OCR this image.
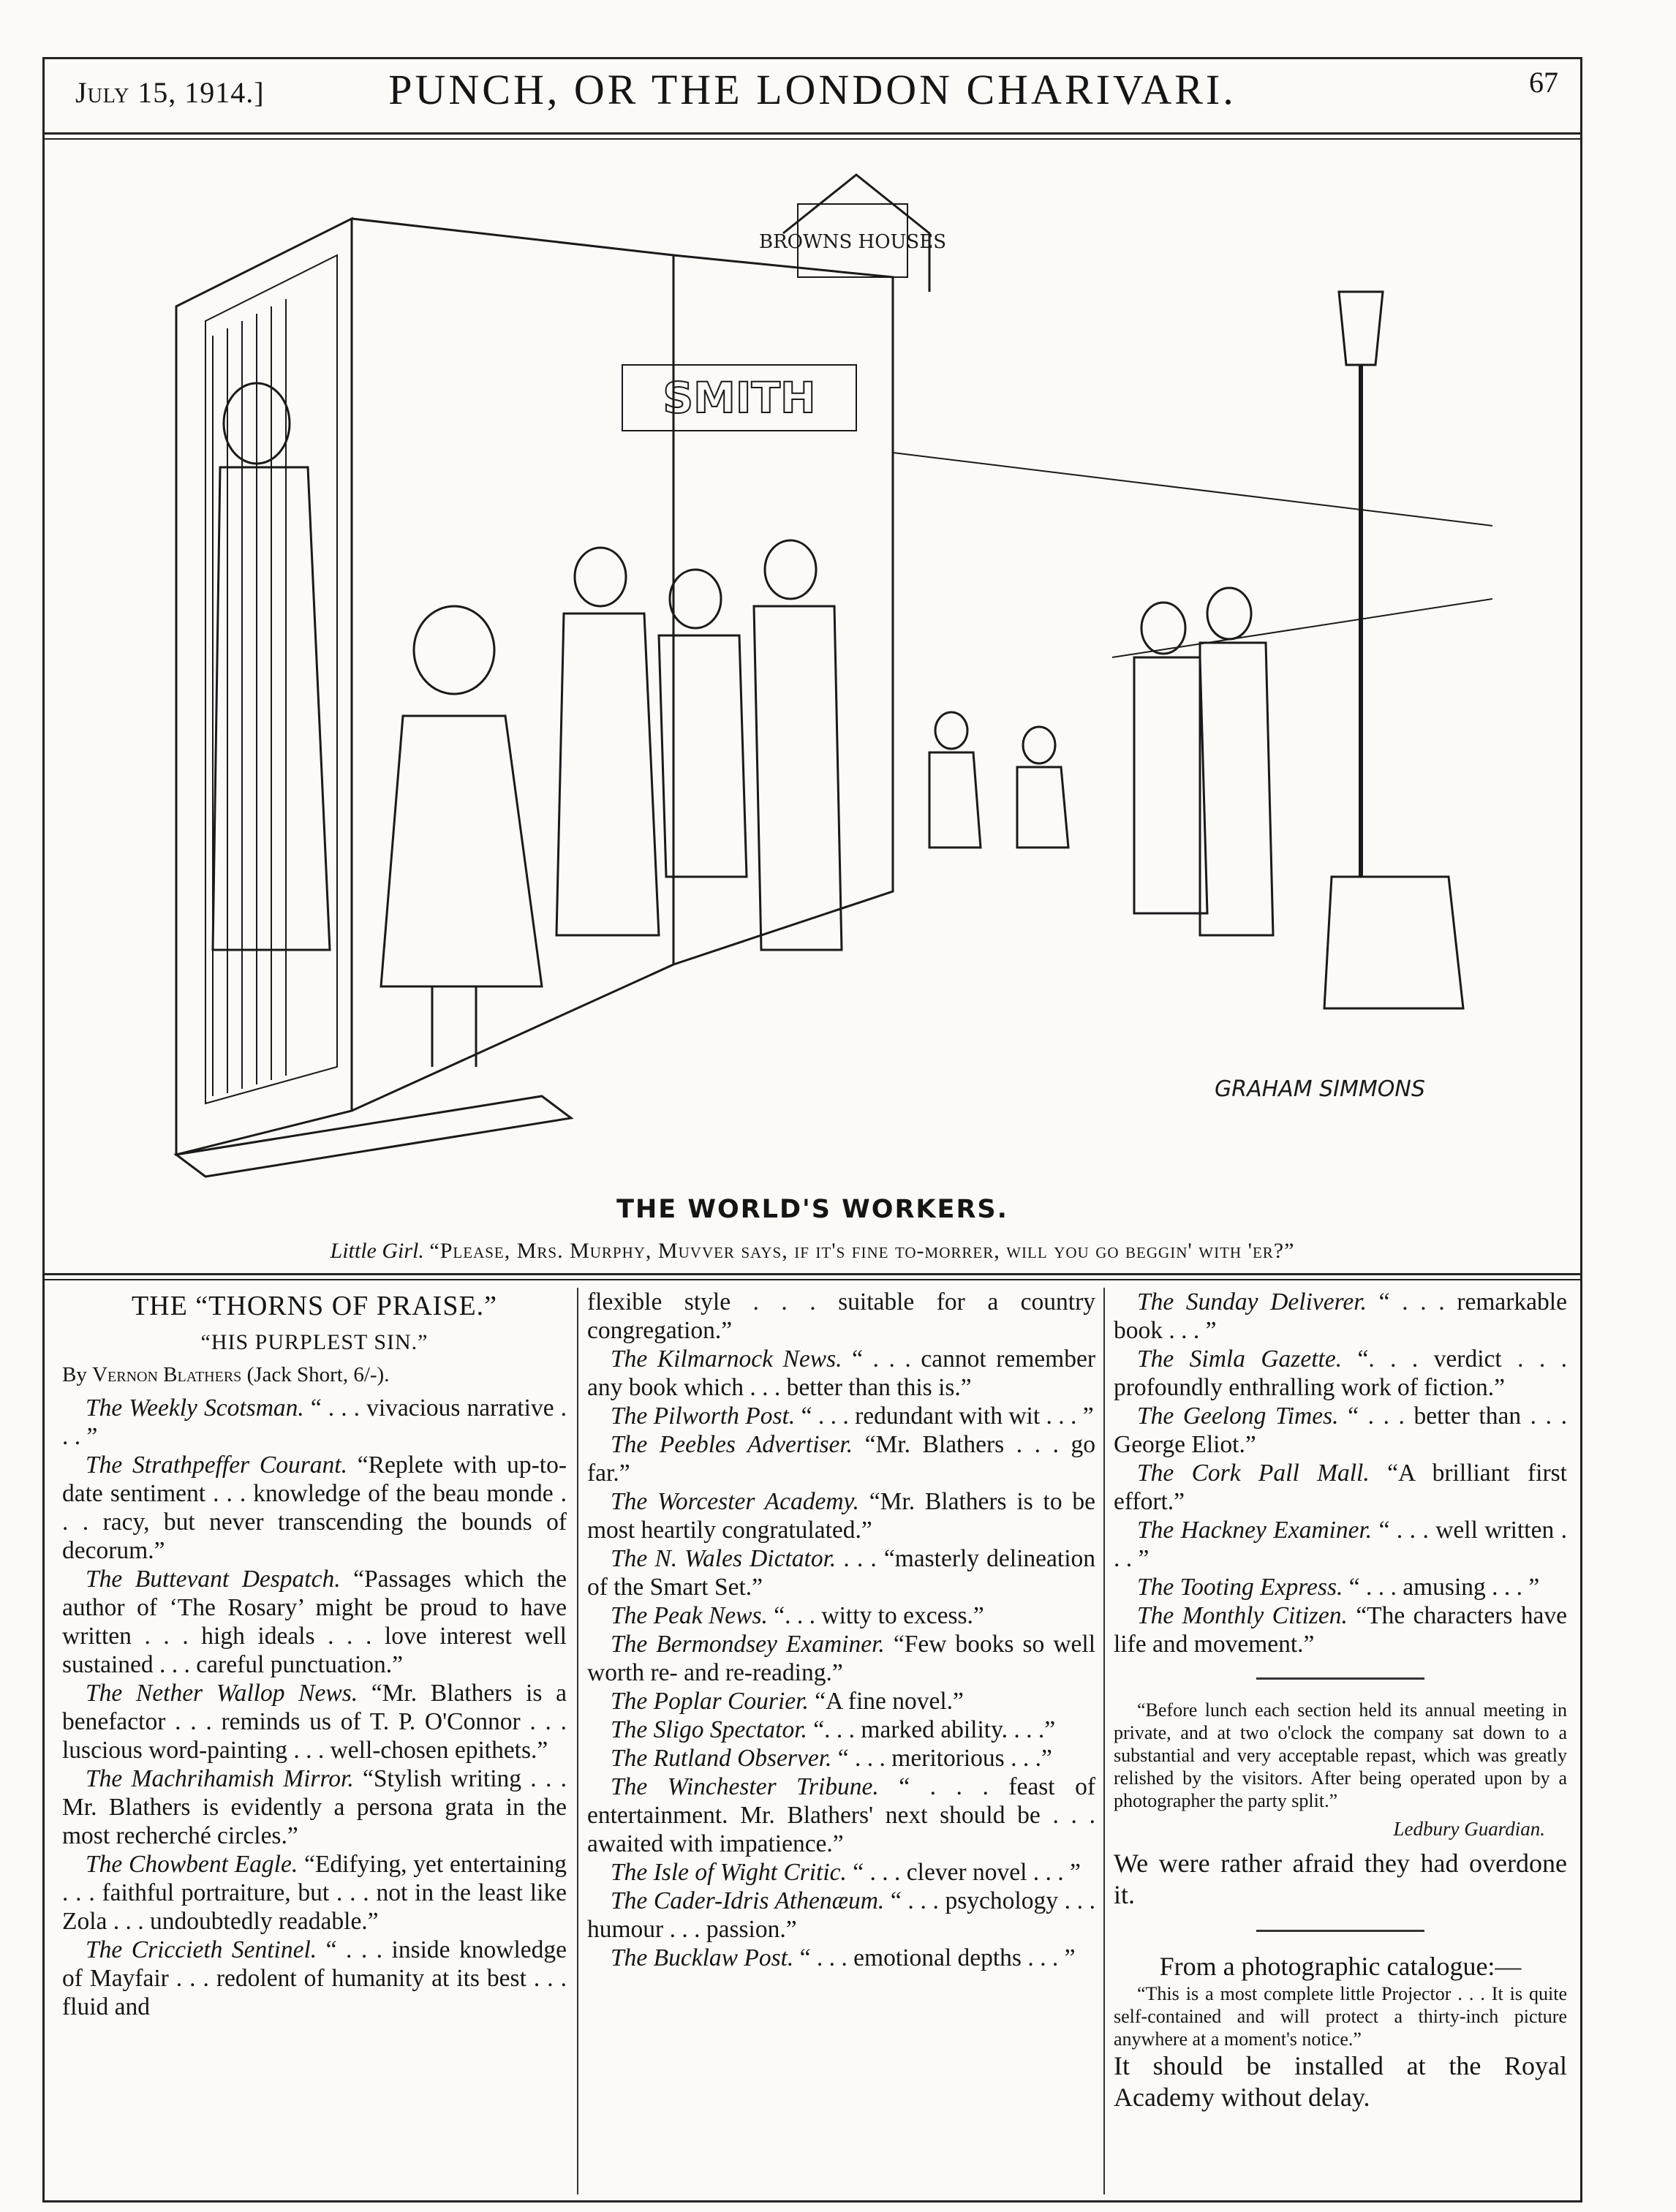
July 15, 1914.]	PUNCH, OR THE LONDON CHARIVARI.	67
BROWNS HOUSES
SMITH
GRAHAM SIMMONS
THE WORLD'S WORKERS.
Little Girl. “Please, Mrs. Murphy, Muvver says, if it's fine to-morrer, will you go beggin' with 'er?”
THE “THORNS OF PRAISE.”
“HIS PURPLEST SIN.”
By Vernon Blathers (Jack Short, 6/-).

The Weekly Scotsman. “ . . . vivacious narrative . . . ”

The Strathpeffer Courant. “Replete with up-to-date sentiment . . . knowledge of the beau monde . . . racy, but never transcending the bounds of decorum.”

The Buttevant Despatch. “Passages which the author of ‘The Rosary’ might be proud to have written . . . high ideals . . . love interest well sustained . . . careful punctuation.”

The Nether Wallop News. “Mr. Blathers is a benefactor . . . reminds us of T. P. O'Connor . . . luscious word-painting . . . well-chosen epithets.”

The Machrihamish Mirror. “Stylish writing . . . Mr. Blathers is evidently a persona grata in the most recherché circles.”

The Chowbent Eagle. “Edifying, yet entertaining . . . faithful portraiture, but . . . not in the least like Zola . . . undoubtedly readable.”

The Criccieth Sentinel. “ . . . inside knowledge of Mayfair . . . redolent of humanity at its best . . . fluid and

flexible style . . . suitable for a country congregation.”

The Kilmarnock News. “ . . . cannot remember any book which . . . better than this is.”

The Pilworth Post. “ . . . redundant with wit . . . ”

The Peebles Advertiser. “Mr. Blathers . . . go far.”

The Worcester Academy. “Mr. Blathers is to be most heartily congratulated.”

The N. Wales Dictator. . . . “masterly delineation of the Smart Set.”

The Peak News. “. . . witty to excess.”

The Bermondsey Examiner. “Few books so well worth re- and re-reading.”

The Poplar Courier. “A fine novel.”

The Sligo Spectator. “. . . marked ability. . . .”

The Rutland Observer. “ . . . meritorious . . .”

The Winchester Tribune. “ . . . feast of entertainment. Mr. Blathers' next should be . . . awaited with impatience.”

The Isle of Wight Critic. “ . . . clever novel . . . ”

The Cader-Idris Athenæum. “ . . . psychology . . . humour . . . passion.”

The Bucklaw Post. “ . . . emotional depths . . . ”

The Sunday Deliverer. “ . . . remarkable book . . . ”

The Simla Gazette. “. . . verdict . . . profoundly enthralling work of fiction.”

The Geelong Times. “ . . . better than . . . George Eliot.”

The Cork Pall Mall. “A brilliant first effort.”

The Hackney Examiner. “ . . . well written . . . ”

The Tooting Express. “ . . . amusing . . . ”

The Monthly Citizen. “The characters have life and movement.”

“Before lunch each section held its annual meeting in private, and at two o'clock the company sat down to a substantial and very acceptable repast, which was greatly relished by the visitors. After being operated upon by a photographer the party split.”

Ledbury Guardian.

We were rather afraid they had overdone it.

From a photographic catalogue:—

“This is a most complete little Projector . . . It is quite self-contained and will protect a thirty-inch picture anywhere at a moment's notice.”

It should be installed at the Royal Academy without delay.
